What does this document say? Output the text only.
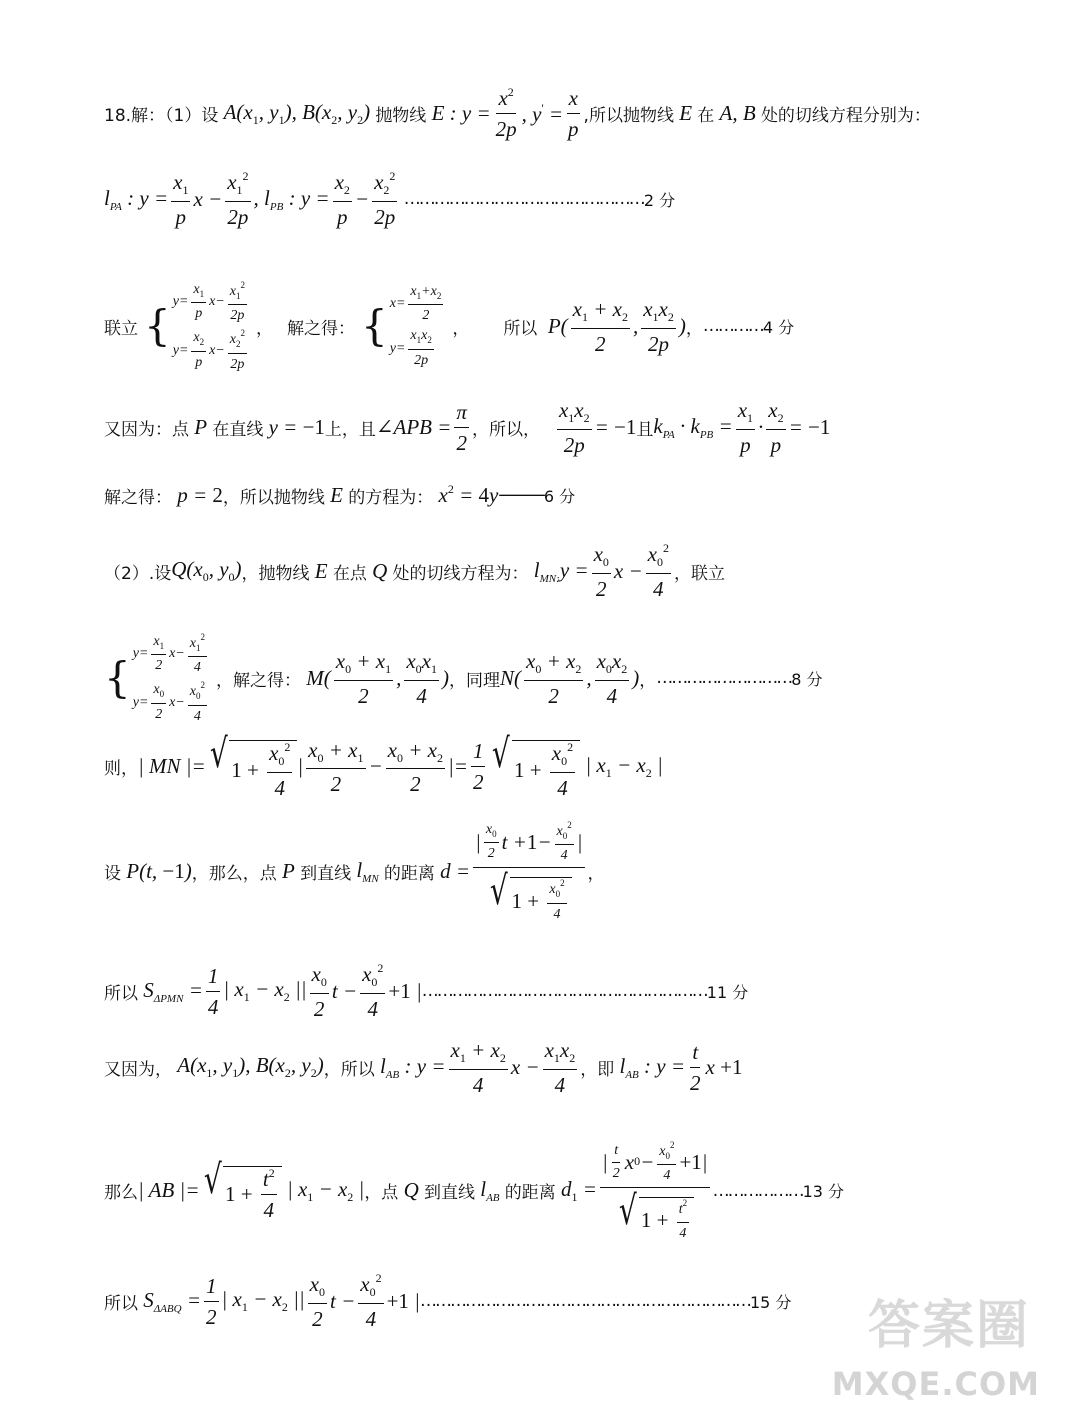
18.解：（1）设 $A(x_1$, $y_1$), $B(x_2$, $y_2$) 抛物线 E : $y = \frac{x^2}{2p}$ , $y' = \frac{x}{p}$ ,所以抛物线 E 在 A, B 处的切线方程分别为：
$l_{PA}$ : $y = \frac{x_1}{p}$ $x - \frac{x_1^2}{2p}$ , $l_{PB}$ : $y = \frac{x_2}{p} - \frac{x_2^2}{2p}$ ………………………………………… 2 分
联立 { $y= \frac{x_1}{p} x- \frac{x_1^2}{2p}$
$y= \frac{x_2}{p} x- \frac{x_2^2}{2p}$ ， 解之得： { $x= \frac{x_1+x_2}{2}$
$y= \frac{x_1x_2}{2p}$ ， 所以 $P( \frac{x_1 + x_2}{2}$ , $\frac{x_1x_2}{2p}$ ) ， ………… 4 分
又因为：点 P 在直线 y = −1 上，且 ∠APB = $\frac{\pi}{2}$ ，所以， $\frac{x_1x_2}{2p} = -1$ 且 $k_{PA} \cdot k_{PB} = \frac{x_1}{p} \cdot \frac{x_2}{p} = -1$
解之得： p = 2 ，所以抛物线 E 的方程为： $x^2 = 4y$ ----------- 6 分
（2）.设 $Q(x_0$, $y_0$) ，抛物线 E 在点 Q 处的切线方程为： $l_{MN:}y = \frac{x_0}{2}$ $x - \frac{x_0^2}{4}$ ，联立
{ $y= \frac{x_1}{2} x- \frac{x_1^2}{4}$
$y= \frac{x_0}{2} x- \frac{x_0^2}{4}$ ，解之得： $M( \frac{x_0 + x_1}{2}$ , $\frac{x_0x_1}{4}$ ) ，同理 $N( \frac{x_0 + x_2}{2}$ , $\frac{x_0x_2}{4}$ ) ， ……………………… 8 分
则， | MN |= √ 1 +
$\frac{x_0^2}{4}$ | $\frac{x_0 + x_1}{2} - \frac{x_0 + x_2}{2}$ |= $\frac{1}{2}$ √ 1 +
$\frac{x_0^2}{4}$ | $x_1 - x_2$ |
设 P(t, −1) ，那么，点 P 到直线 $l_{MN}$ 的距离 d = | $\frac{x_0}{2}$ $t + 1 - \frac{x_0^2}{4}$ |
√ 1 +
$\frac{x_0^2}{4}$ ，
所以 $S_{\Delta PMN} = \frac{1}{4}$ | $x_1 - x_2$ || $\frac{x_0}{2}$ $t - \frac{x_0^2}{4} +1$ | ………………………………………………… 11 分
又因为， $A(x_1$, $y_1$), $B(x_2$, $y_2$) ，所以 $l_{AB}$ : $y = \frac{x_1 + x_2}{4}$ $x - \frac{x_1x_2}{4}$ ，即 $l_{AB}$ : $y = \frac{t}{2}$ x +1
那么 | AB |= √ 1 +
$\frac{t^2}{4}$ | $x_1 - x_2$ | ，点 Q 到直线 $l_{AB}$ 的距离 $d_1$ = | $\frac{t}{2}$ x $0 - \frac{x_0^2}{4} +1$ |
√ 1 +
$\frac{t^2}{4}$ ……………… 13 分
所以 $S_{\Delta ABQ} = \frac{1}{2}$ | $x_1 - x_2$ || $\frac{x_0}{2}$ $t - \frac{x_0^2}{4} +1$ | ………………………………………………………… 15 分 答案圈
MXQE.COM
